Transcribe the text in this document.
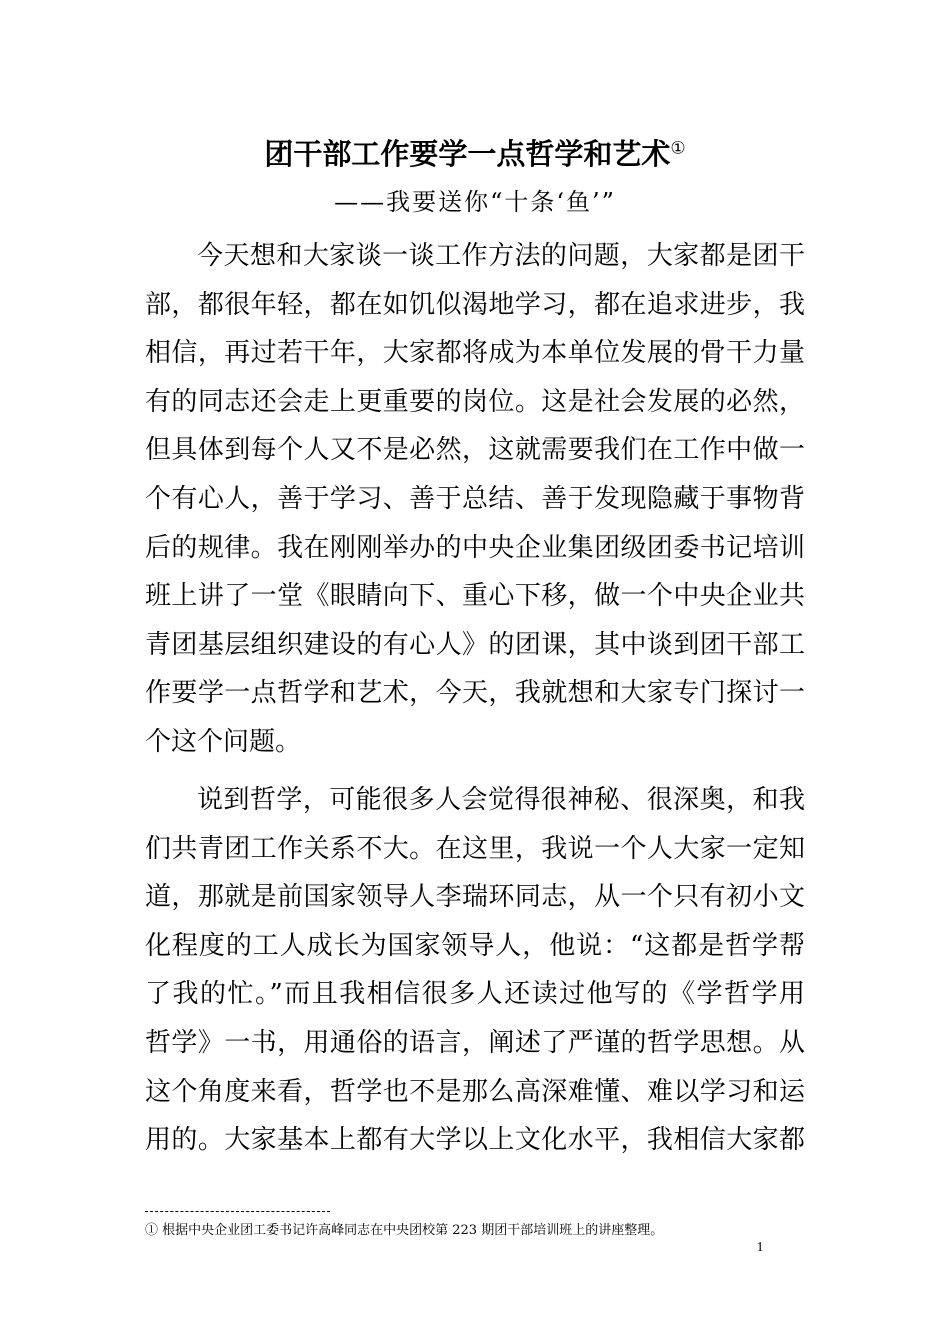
团干部工作要学一点哲学和艺术①
——我要送你“十条‘鱼’”
今天想和大家谈一谈工作方法的问题，大家都是团干
部，都很年轻，都在如饥似渴地学习，都在追求进步，我
相信，再过若干年，大家都将成为本单位发展的骨干力量
有的同志还会走上更重要的岗位。这是社会发展的必然，
但具体到每个人又不是必然，这就需要我们在工作中做一
个有心人，善于学习、善于总结、善于发现隐藏于事物背
后的规律。我在刚刚举办的中央企业集团级团委书记培训
班上讲了一堂《眼睛向下、重心下移，做一个中央企业共
青团基层组织建设的有心人》的团课，其中谈到团干部工
作要学一点哲学和艺术，今天，我就想和大家专门探讨一
个这个问题。
说到哲学，可能很多人会觉得很神秘、很深奥，和我
们共青团工作关系不大。在这里，我说一个人大家一定知
道，那就是前国家领导人李瑞环同志，从一个只有初小文
化程度的工人成长为国家领导人，他说：“这都是哲学帮
了我的忙。”而且我相信很多人还读过他写的《学哲学用
哲学》一书，用通俗的语言，阐述了严谨的哲学思想。从
这个角度来看，哲学也不是那么高深难懂、难以学习和运
用的。大家基本上都有大学以上文化水平，我相信大家都
① 根据中央企业团工委书记许高峰同志在中央团校第 223 期团干部培训班上的讲座整理。
1
